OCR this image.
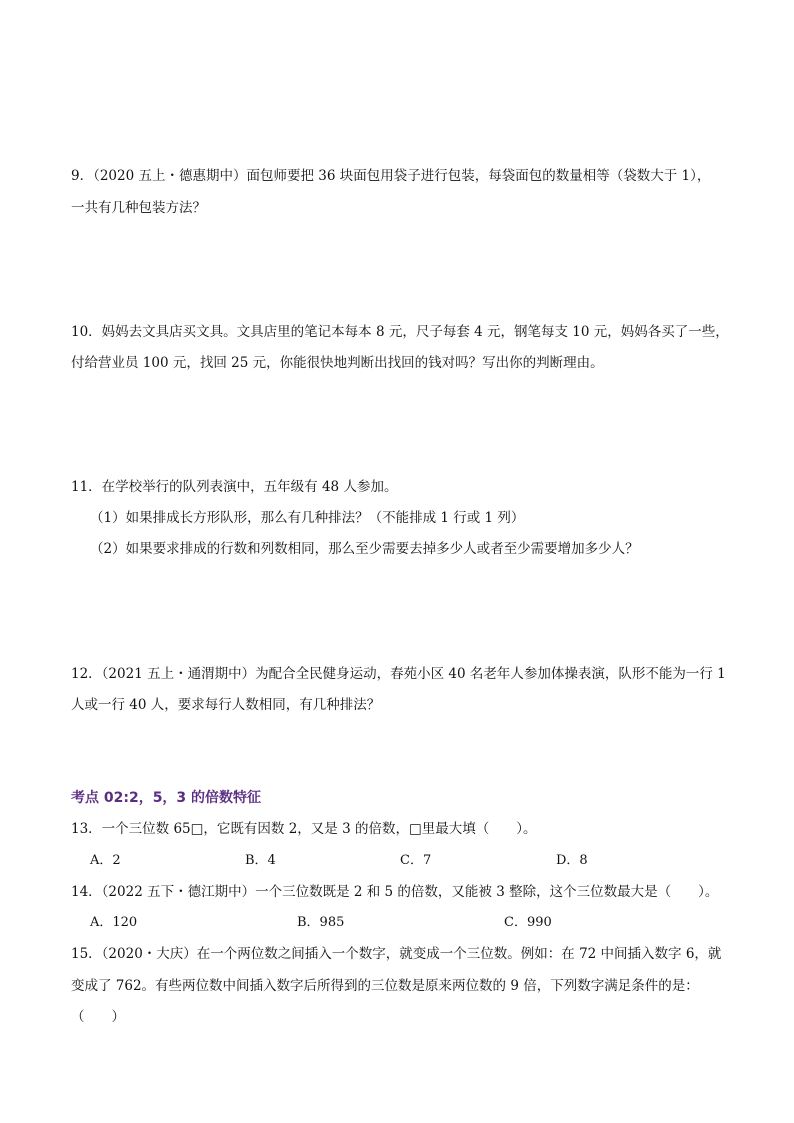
9．（2020 五上・德惠期中）面包师要把 36 块面包用袋子进行包装，每袋面包的数量相等（袋数大于 1），
一共有几种包装方法？
10．妈妈去文具店买文具。文具店里的笔记本每本 8 元，尺子每套 4 元，钢笔每支 10 元，妈妈各买了一些，
付给营业员 100 元，找回 25 元，你能很快地判断出找回的钱对吗？写出你的判断理由。
11．在学校举行的队列表演中，五年级有 48 人参加。
（1）如果排成长方形队形，那么有几种排法？（不能排成 1 行或 1 列）
（2）如果要求排成的行数和列数相同，那么至少需要去掉多少人或者至少需要增加多少人？
12．（2021 五上・通渭期中）为配合全民健身运动，春苑小区 40 名老年人参加体操表演，队形不能为一行 1
人或一行 40 人，要求每行人数相同，有几种排法？
考点 02:2，5，3 的倍数特征
13．一个三位数 65□，它既有因数 2，又是 3 的倍数，□里最大填（　　）。
A．2	B．4	C．7	D．8
14．（2022 五下・德江期中）一个三位数既是 2 和 5 的倍数，又能被 3 整除，这个三位数最大是（　　）。
A．120	B．985	C．990
15．（2020・大庆）在一个两位数之间插入一个数字，就变成一个三位数。例如：在 72 中间插入数字 6，就
变成了 762。有些两位数中间插入数字后所得到的三位数是原来两位数的 9 倍，下列数字满足条件的是：
（　　）
